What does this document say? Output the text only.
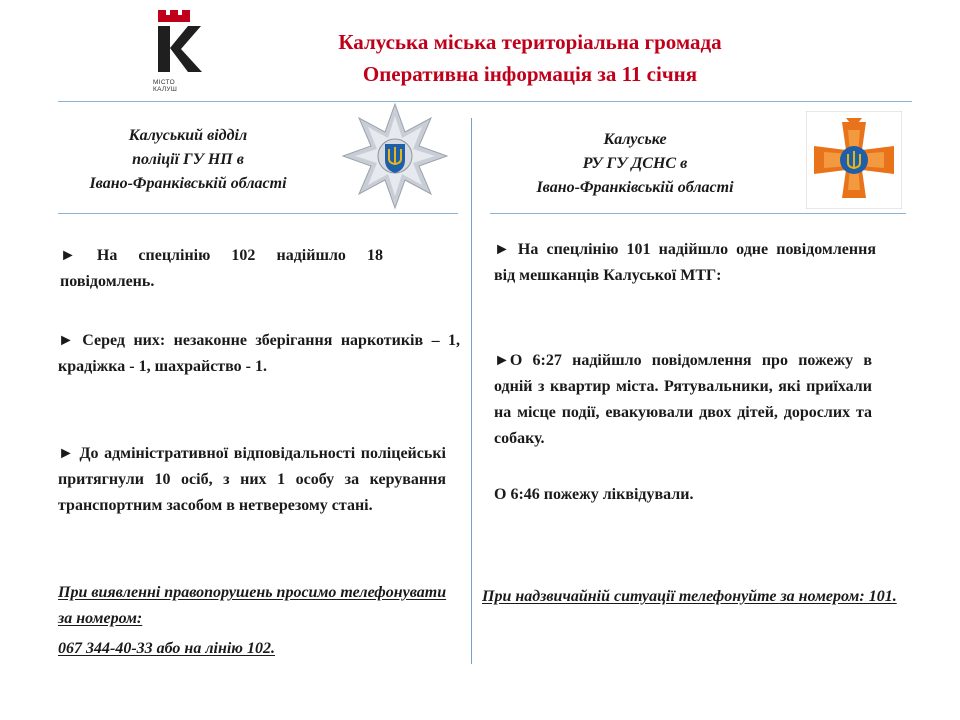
МІСТО
КАЛУШ
Калуська міська територіальна громада
Оперативна інформація за 11 січня
Калуський відділ
поліції ГУ НП в
Івано-Франківській області
► На спецлінію 102 надійшло 18 повідомлень.
► Серед них: незаконне зберігання наркотиків – 1, крадіжка - 1, шахрайство - 1.
► До адміністративної відповідальності поліцейські притягнули 10 осіб, з них 1 особу за керування транспортним засобом в нетверезому стані.
При виявленні правопорушень просимо телефонувати за номером:
067 344-40-33 або на лінію 102.
Калуське
РУ ГУ ДСНС в
Івано-Франківській області
► На спецлінію 101 надійшло одне повідомлення від мешканців Калуської МТГ:
►О 6:27 надійшло повідомлення про пожежу в одній з квартир міста. Рятувальники, які приїхали на місце події, евакуювали двох дітей, дорослих та собаку.
О 6:46 пожежу ліквідували.
При надзвичайній ситуації телефонуйте за номером: 101.
